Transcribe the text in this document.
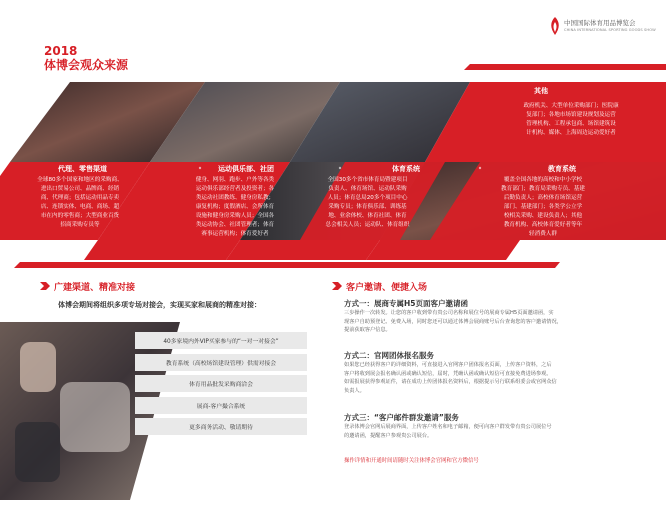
中国国际体育用品博览会
CHINA INTERNATIONAL SPORTING GOODS SHOW
2018
体博会观众来源
代理、零售渠道
全球80多个国家和地区的采购商、
进出口贸易公司、品牌商、经销
商、代理商；包括运动用品专卖
店、连锁实体、电商、商场、超
市在内的零售商；大型商业百货
招商采购专员等
运动俱乐部、社团
健身、网羽、跑步、户外等各类
运动俱乐部经营者及投资者；各
类运动社团教练、健身房私教；
康复机构；度假酒店、会所体育
设施和健身房采购人员；全国各
类运动协会、社团管理者；体育
赛事运营机构；体育爱好者
体育系统
全国30多个省市体育局暨建项目
负责人、体育场馆、运动队采购
人员；体育总局20多个项目中心
采购专员；体育俱乐部、训练基
地、业余体校、体育社团、体育
总会相关人员；运动队、体育组织
教育系统
覆盖全国各地的高校和中小学校
教育部门；教育局采购专员、基建
后勤负责人；高校体育场馆运营
部门、基建部门；各类学公立学
校相关采购、建设负责人；其他
教育机构、高校体育爱好者等年
轻消费人群
其他
政府机关、大型单位采购部门；医院康
复部门；各地市场馆建设规划及运营
管理机构、工程承包商、场馆建筑设
计机构、媒体、上海周边运动爱好者
广建渠道、精准对接
体博会期间将组织多项专场对接会，实现买家和展商的精准对接：
40多家境内外VIP买家参与的“一对一对接会”
教育系统（高校场馆建设管理）供需对接会
体育用品批发采购商洽会
展商-客户撮合系统
更多商务活动、敬请期待
客户邀请、便捷入场
方式一：展商专属H5页面客户邀请函
三步操作一次转发。让您的客户收到带有贵公司名称和展位号的展商专属H5页面邀请函，实
现客户自助预登记、免费入场，同时您还可以通过体博会展商账号后台查询您的客户邀请情况，
提前获取客户信息。
方式二：官网团体报名服务
如果您已经获得客户的详细资料，可直接进入官网客户团体报名页面，上传客户资料，之后
客户将收到展会报名确认函或确认短信，届时，凭确认函或确认短信可直接免费进场参观。
如需报展获得参观证件，请在成功上传团体报名资料后，根据提示另行联系组委会或官网众信
负责人。
方式三：“客户邮件群发邀请”服务
登录体博会官网后展商界面，上传客户姓名和电子邮箱，便可向客户群发带有贵公司展位号
的邀请函，提醒客户参观贵公司展台。
操作详情和开通时间请随时关注体博会官网和官方微信号
